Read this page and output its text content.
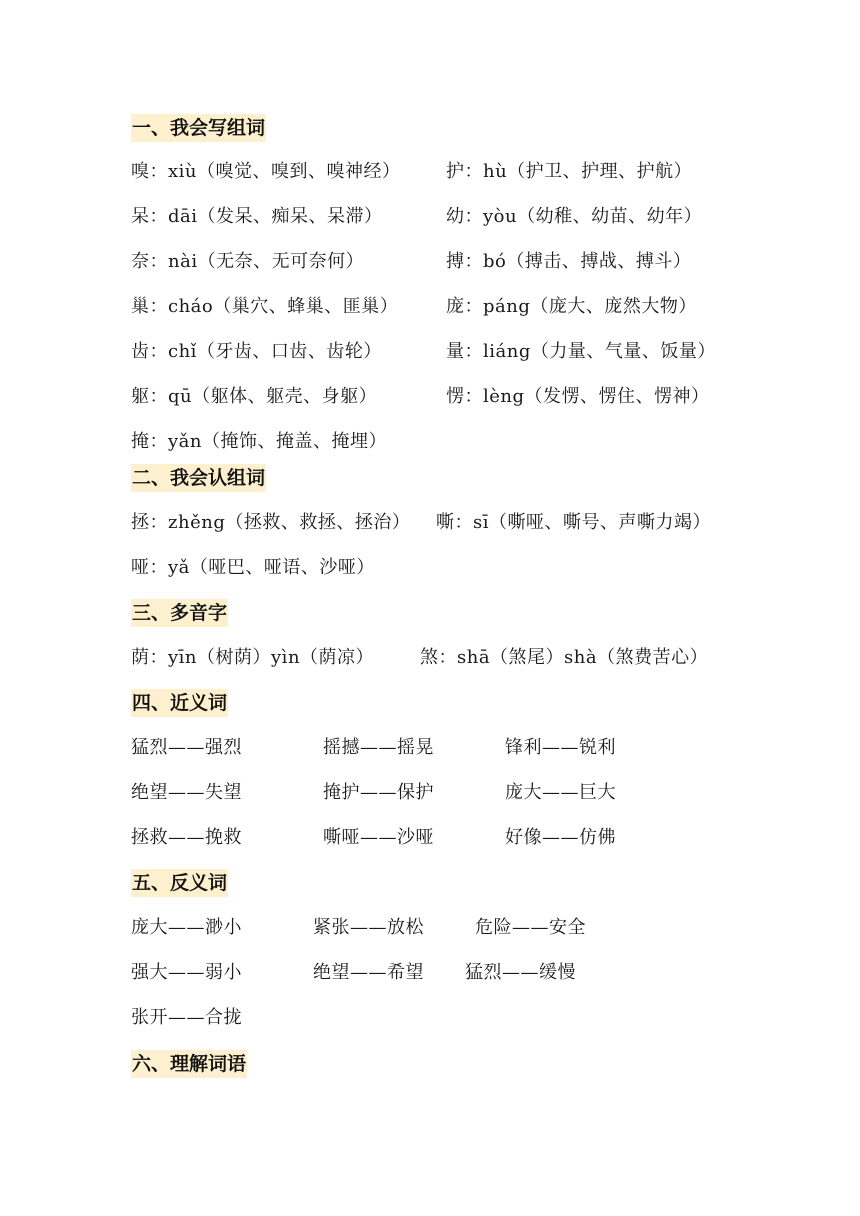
一、我会写组词
嗅：xiù（嗅觉、嗅到、嗅神经）	护：hù（护卫、护理、护航）
呆：dāi（发呆、痴呆、呆滞）	幼：yòu（幼稚、幼苗、幼年）
奈：nài（无奈、无可奈何）	搏：bó（搏击、搏战、搏斗）
巢：cháo（巢穴、蜂巢、匪巢）	庞：páng（庞大、庞然大物）
齿：chǐ（牙齿、口齿、齿轮）	量：liáng（力量、气量、饭量）
躯：qū（躯体、躯壳、身躯）	愣：lèng（发愣、愣住、愣神）
掩：yǎn（掩饰、掩盖、掩埋）
二、我会认组词
拯：zhěng（拯救、救拯、拯治） 嘶：sī（嘶哑、嘶号、声嘶力竭）
哑：yǎ（哑巴、哑语、沙哑）
三、多音字
荫：yīn（树荫）yìn（荫凉）	煞：shā（煞尾）shà（煞费苦心）
四、近义词
猛烈——强烈	摇撼——摇晃	锋利——锐利
绝望——失望	掩护——保护	庞大——巨大
拯救——挽救	嘶哑——沙哑	好像——仿佛
五、反义词
庞大——渺小	紧张——放松	危险——安全
强大——弱小	绝望——希望 猛烈——缓慢
张开——合拢
六、理解词语
